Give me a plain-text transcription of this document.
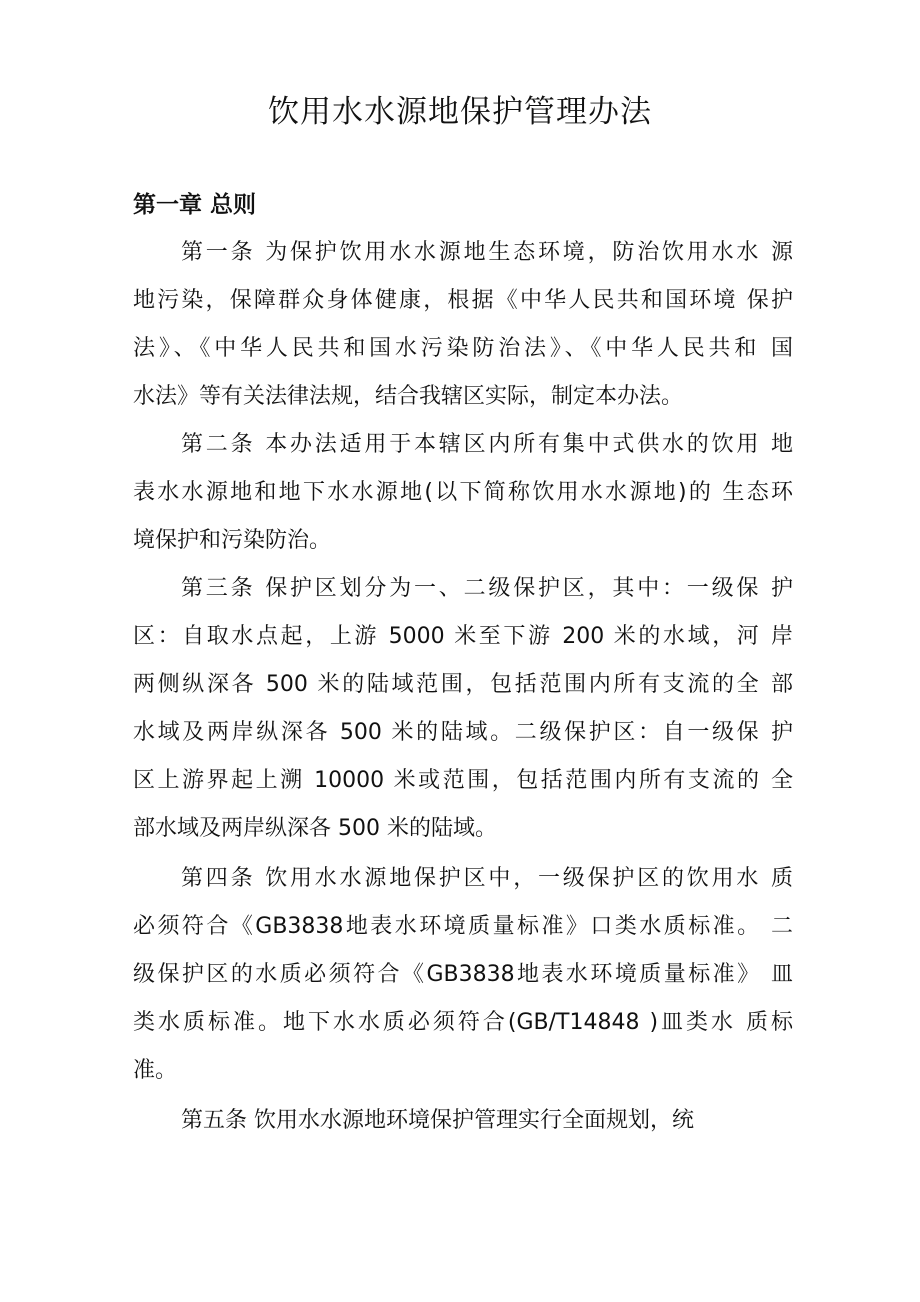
饮用水水源地保护管理办法
第一章 总则
第一条 为保护饮用水水源地生态环境，防治饮用水水 源
地污染，保障群众身体健康，根据《中华人民共和国环境 保护
法》、《中华人民共和国水污染防治法》、《中华人民共和 国
水法》等有关法律法规，结合我辖区实际，制定本办法。
第二条 本办法适用于本辖区内所有集中式供水的饮用 地
表水水源地和地下水水源地(以下简称饮用水水源地)的 生态环
境保护和污染防治。
第三条 保护区划分为一、二级保护区，其中：一级保 护
区：自取水点起，上游 5000 米至下游 200 米的水域，河 岸
两侧纵深各 500 米的陆域范围，包括范围内所有支流的全 部
水域及两岸纵深各 500 米的陆域。二级保护区：自一级保 护
区上游界起上溯 10000 米或范围，包括范围内所有支流的 全
部水域及两岸纵深各 500 米的陆域。
第四条 饮用水水源地保护区中，一级保护区的饮用水 质
必须符合《GB3838地表水环境质量标准》口类水质标准。 二
级保护区的水质必须符合《GB3838地表水环境质量标准》 皿
类水质标准。地下水水质必须符合(GB/T14848 )皿类水 质标
准。
第五条 饮用水水源地环境保护管理实行全面规划，统
